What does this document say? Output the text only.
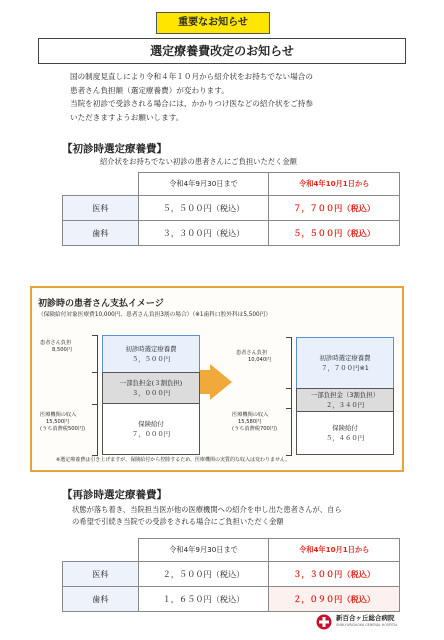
重要なお知らせ
選定療養費改定のお知らせ

国の制度見直しにより令和４年１０月から紹介状をお持ちでない場合の

患者さん負担額（選定療養費）が変わります。

当院を初診で受診される場合には、かかりつけ医などの紹介状をご持参

いただきますようお願いします。

【初診時選定療養費】
紹介状をお持ちでない初診の患者さんにご負担いただく金額
	令和4年9月30日まで	令和4年10月1日から
医科	５，５００円（税込）	７，７００円（税込）
歯科	３，３００円（税込）	５，５００円（税込）
初診時の患者さん支払イメージ
（保険給付対象医療費10,000円、患者さん負担3割の場合）（※1歯科口腔外科は5,500円）
患者さん負担
8,500円
医療機関の収入
15,500円
(うち消費税500円)
初診時選定療養費
５，５００円
一部負担金(３割負担)
３，０００円
保険給付
７，０００円
患者さん負担
10,040円
医療機関の収入
15,580円
(うち消費税700円)
初診時選定療養費
７，７００円※1
一部負担金（3割負担）
２，３４０円
保険給付
５，４６０円
※選定療養費は引き上げますが、保険給付から控除するため、医療機関の実質的な収入は変わりません。
【再診時選定療養費】
状態が落ち着き、当院担当医が他の医療機関への紹介を申し出た患者さんが、自ら
の希望で引続き当院での受診をされる場合にご負担いただく金額
	令和4年9月30日まで	令和4年10月1日から
医科	２，５００円（税込）	３，３００円（税込）
歯科	１，６５０円（税込）	２，０９０円（税込）
新百合ヶ丘総合病院
SHIN-YURIGAOKA GENERAL HOSPITAL
